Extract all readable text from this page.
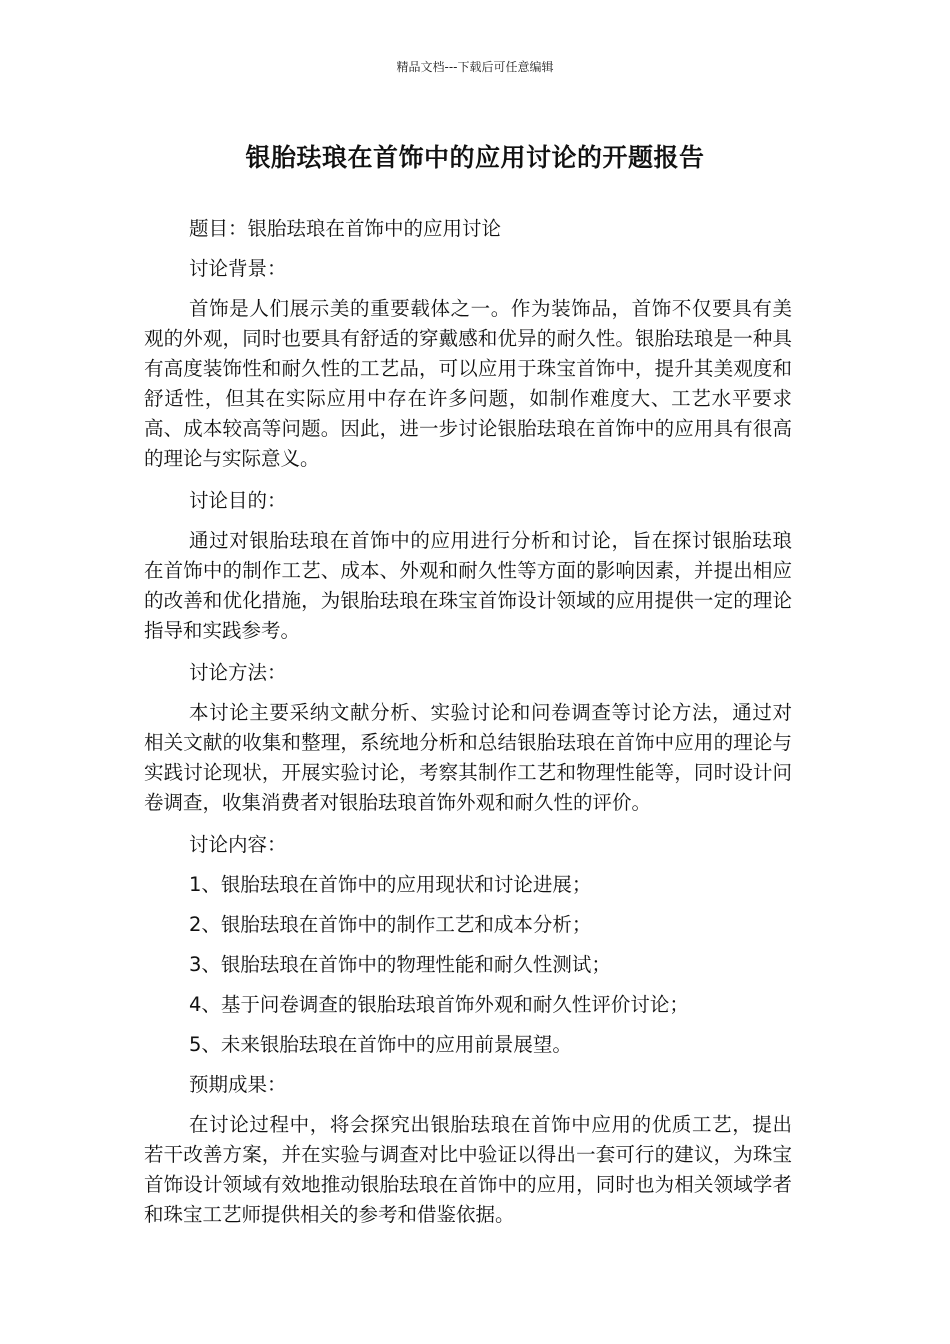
精品文档---下载后可任意编辑
银胎珐琅在首饰中的应用讨论的开题报告

题目：银胎珐琅在首饰中的应用讨论

讨论背景：

首饰是人们展示美的重要载体之一。作为装饰品，首饰不仅要具有美观的外观，同时也要具有舒适的穿戴感和优异的耐久性。银胎珐琅是一种具有高度装饰性和耐久性的工艺品，可以应用于珠宝首饰中，提升其美观度和舒适性，但其在实际应用中存在许多问题，如制作难度大、工艺水平要求高、成本较高等问题。因此，进一步讨论银胎珐琅在首饰中的应用具有很高的理论与实际意义。

讨论目的：

通过对银胎珐琅在首饰中的应用进行分析和讨论，旨在探讨银胎珐琅在首饰中的制作工艺、成本、外观和耐久性等方面的影响因素，并提出相应的改善和优化措施，为银胎珐琅在珠宝首饰设计领域的应用提供一定的理论指导和实践参考。

讨论方法：

本讨论主要采纳文献分析、实验讨论和问卷调查等讨论方法，通过对相关文献的收集和整理，系统地分析和总结银胎珐琅在首饰中应用的理论与实践讨论现状，开展实验讨论，考察其制作工艺和物理性能等，同时设计问卷调查，收集消费者对银胎珐琅首饰外观和耐久性的评价。

讨论内容：

1、银胎珐琅在首饰中的应用现状和讨论进展；

2、银胎珐琅在首饰中的制作工艺和成本分析；

3、银胎珐琅在首饰中的物理性能和耐久性测试；

4、基于问卷调查的银胎珐琅首饰外观和耐久性评价讨论；

5、未来银胎珐琅在首饰中的应用前景展望。

预期成果：

在讨论过程中，将会探究出银胎珐琅在首饰中应用的优质工艺，提出若干改善方案，并在实验与调查对比中验证以得出一套可行的建议，为珠宝首饰设计领域有效地推动银胎珐琅在首饰中的应用，同时也为相关领域学者和珠宝工艺师提供相关的参考和借鉴依据。
